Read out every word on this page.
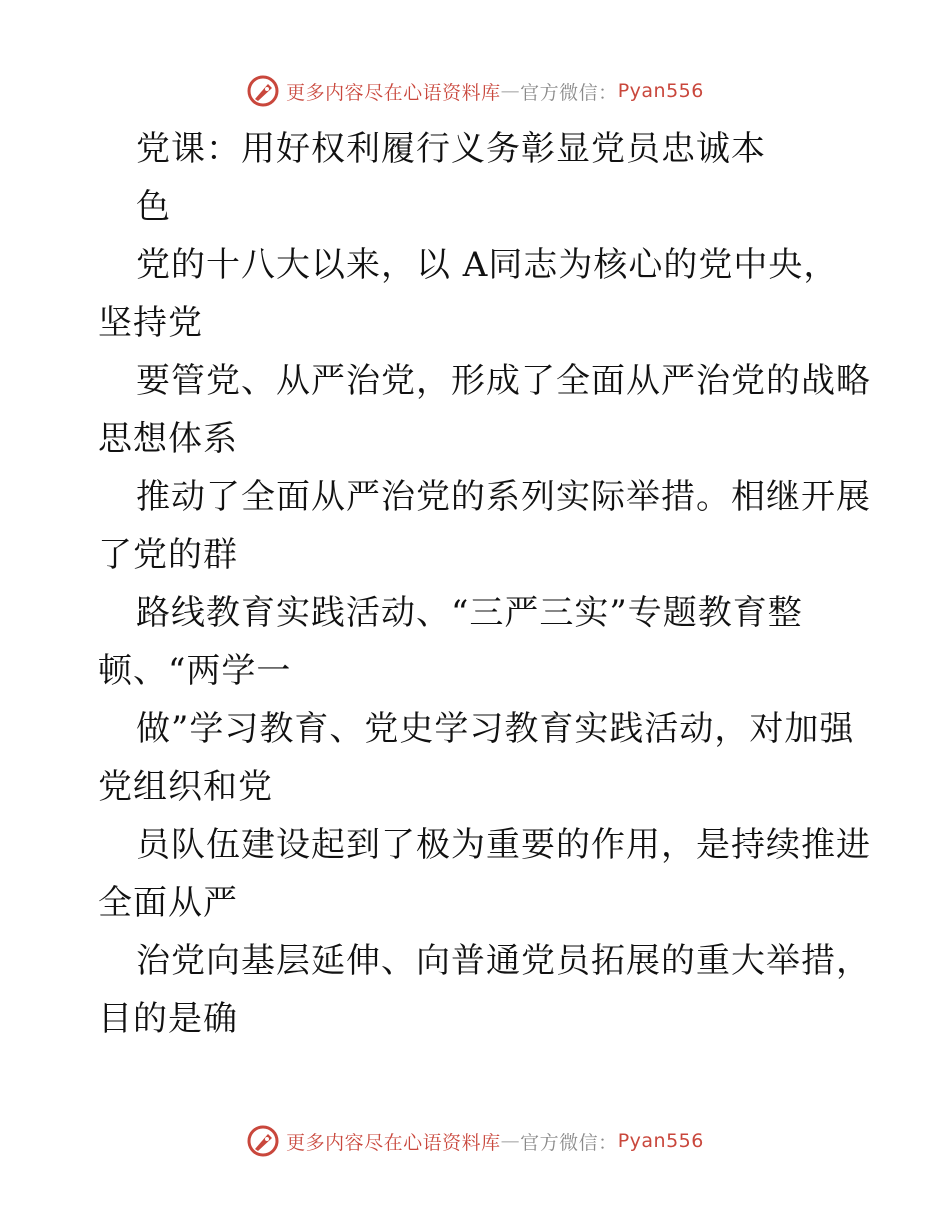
更多内容尽在心语资料库 — 官方微信： Pyan556
党课：用好权利履行义务彰显党员忠诚本
色
党的十八大以来，以 A同志为核心的党中央，
坚持党
要管党、从严治党，形成了全面从严治党的战略
思想体系
推动了全面从严治党的系列实际举措。相继开展
了党的群
路线教育实践活动、“三严三实”专题教育整
顿、“两学一
做”学习教育、党史学习教育实践活动，对加强
党组织和党
员队伍建设起到了极为重要的作用，是持续推进
全面从严
治党向基层延伸、向普通党员拓展的重大举措，
目的是确
更多内容尽在心语资料库 — 官方微信： Pyan556
